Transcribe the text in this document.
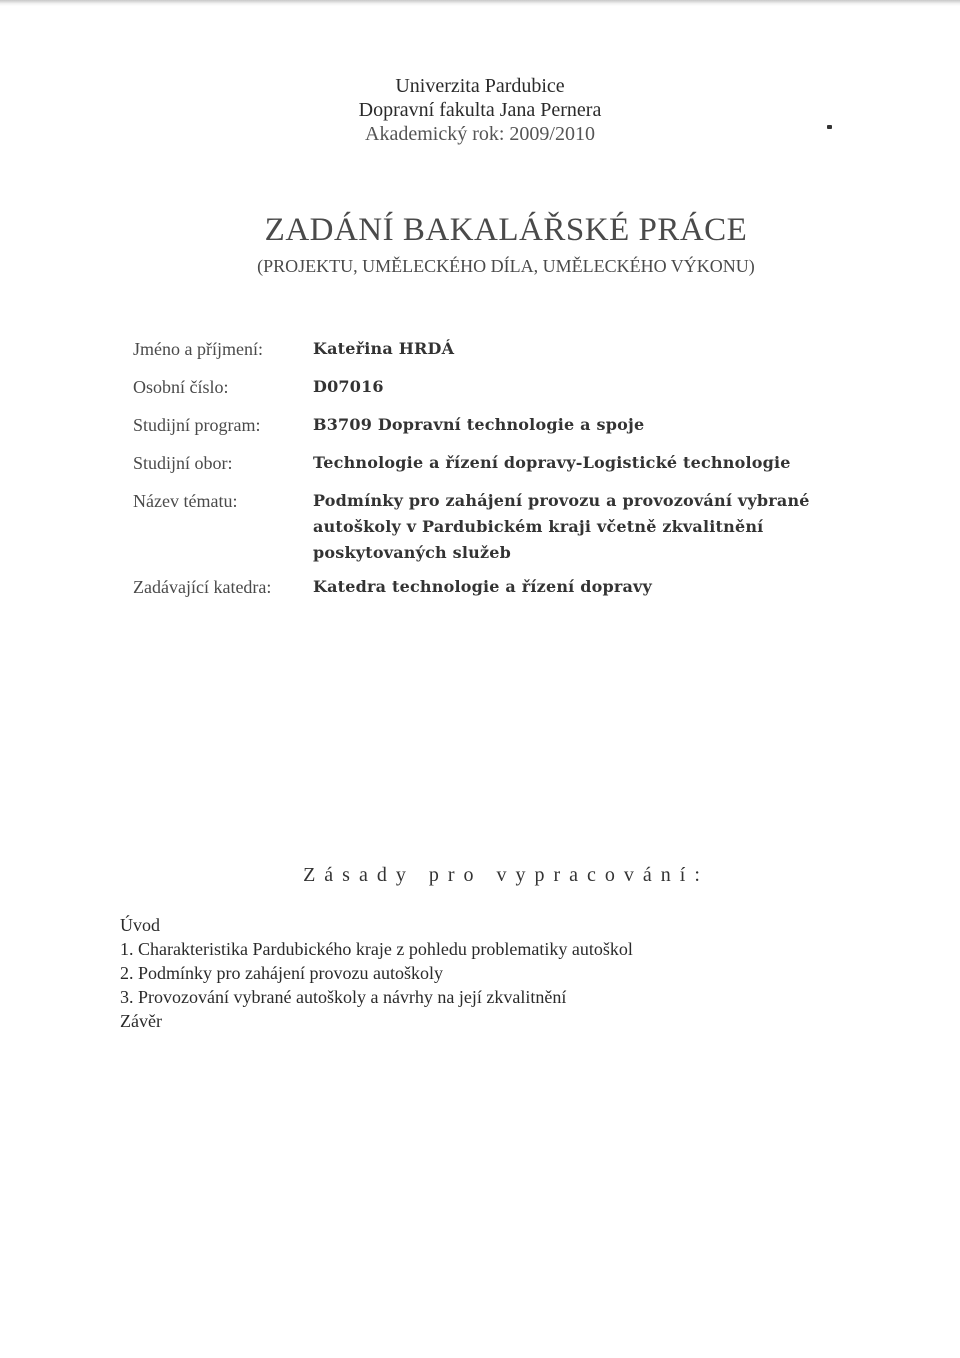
Univerzita Pardubice
Dopravní fakulta Jana Pernera
Akademický rok: 2009/2010
ZADÁNÍ BAKALÁŘSKÉ PRÁCE
(PROJEKTU, UMĚLECKÉHO DÍLA, UMĚLECKÉHO VÝKONU)
Jméno a příjmení:	Kateřina HRDÁ
Osobní číslo:	D07016
Studijní program:	B3709 Dopravní technologie a spoje
Studijní obor:	Technologie a řízení dopravy-Logistické technologie
Název tématu:	Podmínky pro zahájení provozu a provozování vybrané
autoškoly v Pardubickém kraji včetně zkvalitnění
poskytovaných služeb
Zadávající katedra:	Katedra technologie a řízení dopravy
Zásady pro vypracování:
Úvod
1. Charakteristika Pardubického kraje z pohledu problematiky autoškol
2. Podmínky pro zahájení provozu autoškoly
3. Provozování vybrané autoškoly a návrhy na její zkvalitnění
Závěr
